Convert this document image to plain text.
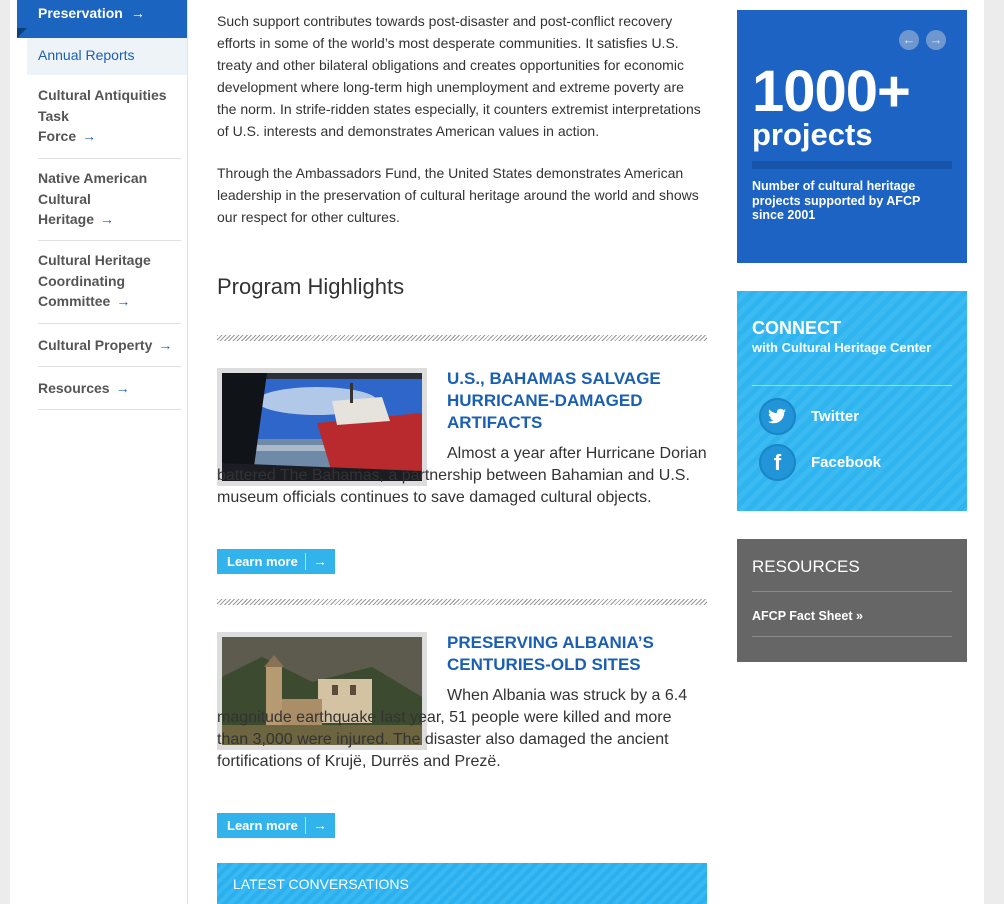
Preservation →
Annual Reports
Cultural Antiquities
Task
Force →
Native American
Cultural
Heritage →
Cultural Heritage
Coordinating
Committee →
Cultural Property →
Resources →

Such support contributes towards post-disaster and post-conflict recovery efforts in some of the world’s most desperate communities. It satisfies U.S. treaty and other bilateral obligations and creates opportunities for economic development where long-term high unemployment and extreme poverty are the norm. In strife-ridden states especially, it counters extremist interpretations of U.S. interests and demonstrates American values in action.

Through the Ambassadors Fund, the United States demonstrates American leadership in the preservation of cultural heritage around the world and shows our respect for other cultures.

Program Highlights
U.S., BAHAMAS SALVAGE HURRICANE-DAMAGED ARTIFACTS

Almost a year after Hurricane Dorian battered The Bahamas, a partnership between Bahamian and U.S. museum officials continues to save damaged cultural objects.

Learn more →
PRESERVING ALBANIA’S CENTURIES-OLD SITES

When Albania was struck by a 6.4 magnitude earthquake last year, 51 people were killed and more than 3,000 were injured. The disaster also damaged the ancient fortifications of Krujë, Durrës and Prezë.

Learn more →
LATEST CONVERSATIONS
← →
1000+
projects
Number of cultural heritage projects supported by AFCP since 2001
CONNECT
with Cultural Heritage Center
Twitter
f	Facebook
RESOURCES
AFCP Fact Sheet »
